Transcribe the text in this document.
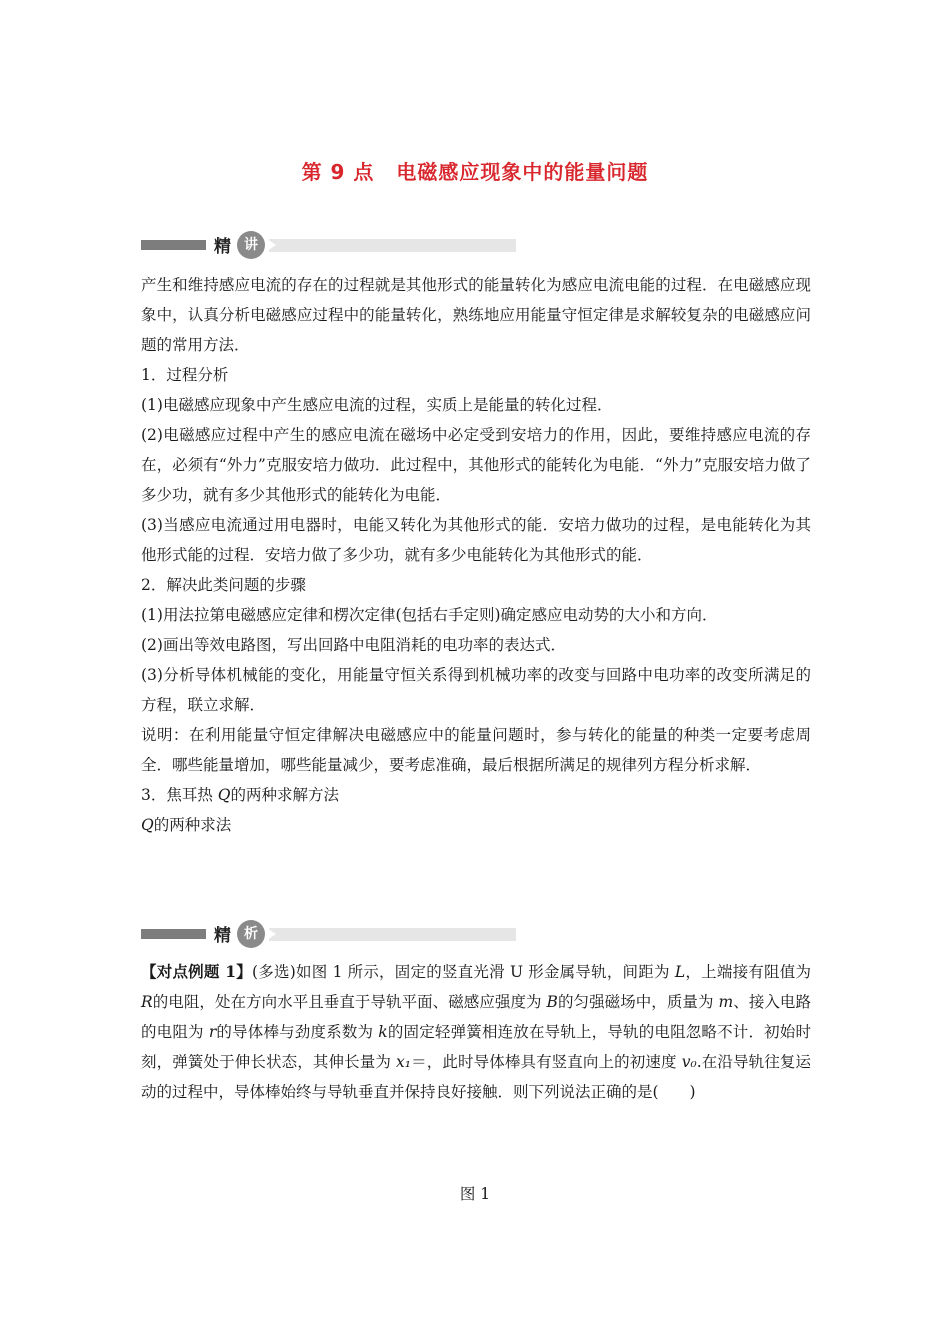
第 9 点 电磁感应现象中的能量问题
精 讲

产生和维持感应电流的存在的过程就是其他形式的能量转化为感应电流电能的过程．在电磁感应现象中，认真分析电磁感应过程中的能量转化，熟练地应用能量守恒定律是求解较复杂的电磁感应问题的常用方法．

1．过程分析

(1)电磁感应现象中产生感应电流的过程，实质上是能量的转化过程．

(2)电磁感应过程中产生的感应电流在磁场中必定受到安培力的作用，因此，要维持感应电流的存在，必须有“外力”克服安培力做功．此过程中，其他形式的能转化为电能．“外力”克服安培力做了多少功，就有多少其他形式的能转化为电能．

(3)当感应电流通过用电器时，电能又转化为其他形式的能．安培力做功的过程，是电能转化为其他形式能的过程．安培力做了多少功，就有多少电能转化为其他形式的能．

2．解决此类问题的步骤

(1)用法拉第电磁感应定律和楞次定律(包括右手定则)确定感应电动势的大小和方向．

(2)画出等效电路图，写出回路中电阻消耗的电功率的表达式．

(3)分析导体机械能的变化，用能量守恒关系得到机械功率的改变与回路中电功率的改变所满足的方程，联立求解．

说明：在利用能量守恒定律解决电磁感应中的能量问题时，参与转化的能量的种类一定要考虑周全．哪些能量增加，哪些能量减少，要考虑准确，最后根据所满足的规律列方程分析求解．

3．焦耳热 Q的两种求解方法

Q的两种求法

精 析

【对点例题 1】(多选)如图 1 所示，固定的竖直光滑 U 形金属导轨，间距为 L，上端接有阻值为 R的电阻，处在方向水平且垂直于导轨平面、磁感应强度为 B的匀强磁场中，质量为 m、接入电路的电阻为 r的导体棒与劲度系数为 k的固定轻弹簧相连放在导轨上，导轨的电阻忽略不计．初始时刻，弹簧处于伸长状态，其伸长量为 x₁＝，此时导体棒具有竖直向上的初速度 v₀.在沿导轨往复运动的过程中，导体棒始终与导轨垂直并保持良好接触．则下列说法正确的是(　　)

图 1
